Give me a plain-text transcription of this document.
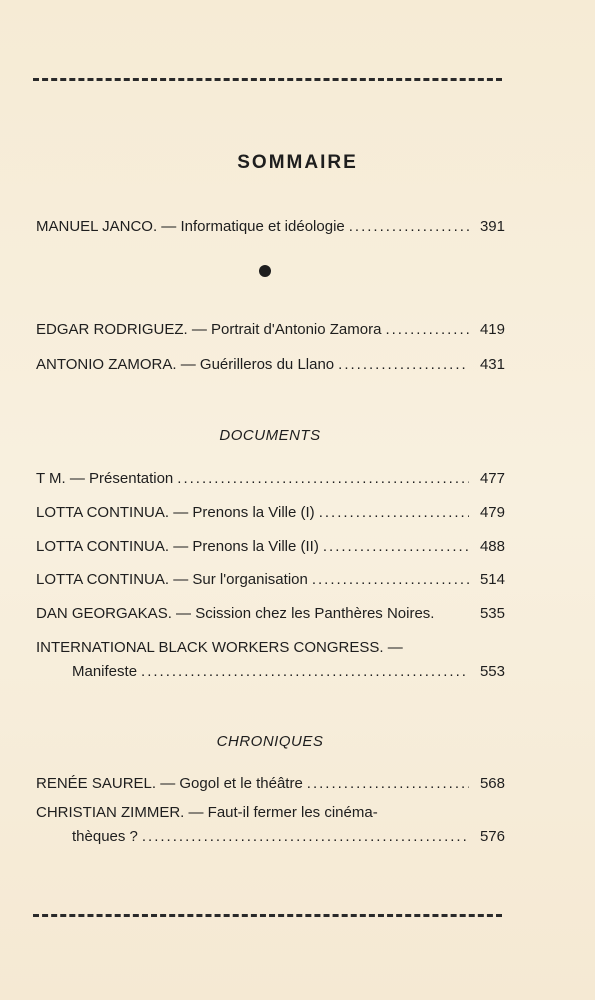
SOMMAIRE
MANUEL JANCO. — Informatique et idéologie .....	391
EDGAR RODRIGUEZ. — Portrait d'Antonio Zamora .....	419
ANTONIO ZAMORA. — Guérilleros du Llano .....	431
DOCUMENTS
T M. — Présentation .....	477
LOTTA CONTINUA. — Prenons la Ville (I) .....	479
LOTTA CONTINUA. — Prenons la Ville (II) .....	488
LOTTA CONTINUA. — Sur l'organisation .....	514
DAN GEORGAKAS. — Scission chez les Panthères Noires.	535
INTERNATIONAL BLACK WORKERS CONGRESS. —
Manifeste .....	553
CHRONIQUES
RENÉE SAUREL. — Gogol et le théâtre .....	568
CHRISTIAN ZIMMER. — Faut-il fermer les cinéma-
thèques ? .....	576
